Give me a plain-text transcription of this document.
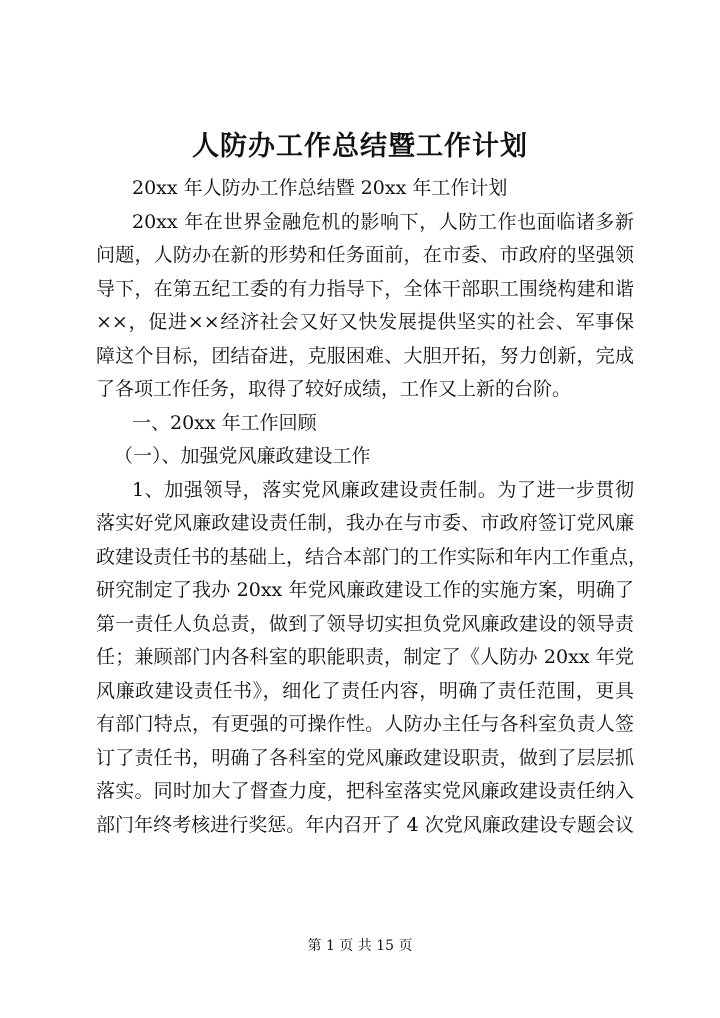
人防办工作总结暨工作计划
20xx 年人防办工作总结暨 20xx 年工作计划
20xx 年在世界金融危机的影响下，人防工作也面临诸多新
问题，人防办在新的形势和任务面前，在市委、市政府的坚强领
导下，在第五纪工委的有力指导下，全体干部职工围绕构建和谐
××，促进××经济社会又好又快发展提供坚实的社会、军事保
障这个目标，团结奋进，克服困难、大胆开拓，努力创新，完成
了各项工作任务，取得了较好成绩，工作又上新的台阶。
一、20xx 年工作回顾
（一）、加强党风廉政建设工作
1、加强领导，落实党风廉政建设责任制。为了进一步贯彻
落实好党风廉政建设责任制，我办在与市委、市政府签订党风廉
政建设责任书的基础上，结合本部门的工作实际和年内工作重点，
研究制定了我办 20xx 年党风廉政建设工作的实施方案，明确了
第一责任人负总责，做到了领导切实担负党风廉政建设的领导责
任；兼顾部门内各科室的职能职责，制定了《人防办 20xx 年党
风廉政建设责任书》，细化了责任内容，明确了责任范围，更具
有部门特点，有更强的可操作性。人防办主任与各科室负责人签
订了责任书，明确了各科室的党风廉政建设职责，做到了层层抓
落实。同时加大了督查力度，把科室落实党风廉政建设责任纳入
部门年终考核进行奖惩。年内召开了 4 次党风廉政建设专题会议
第 1 页 共 15 页
